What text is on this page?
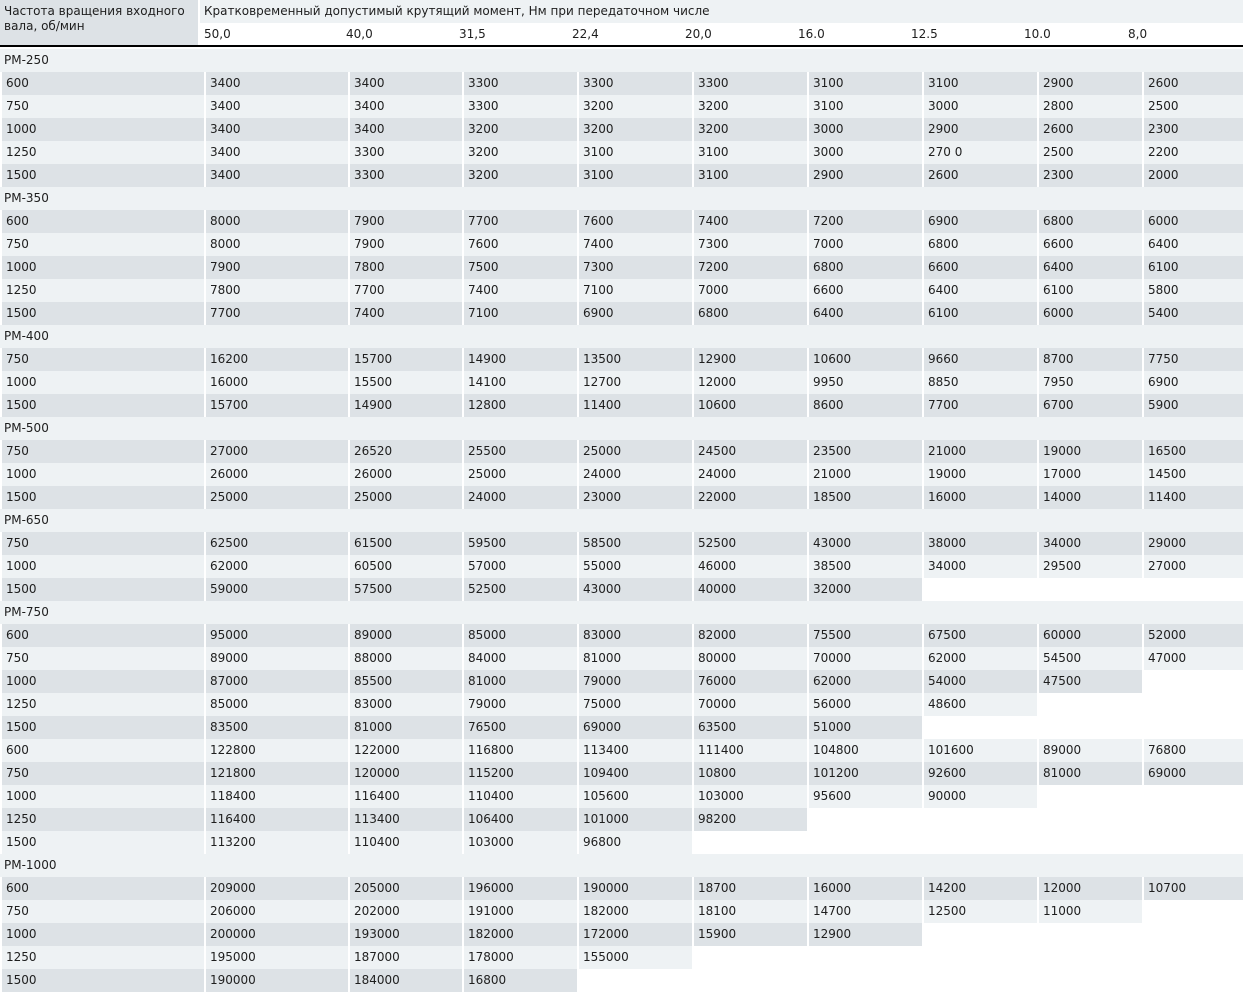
Частота вращения входного вала, об/мин
Кратковременный допустимый крутящий момент, Нм при передаточном числе
50,0	40,0	31,5	22,4	20,0	16.0	12.5	10.0	8,0
РМ-250
600	3400	3400	3300	3300	3300	3100	3100	2900	2600
750	3400	3400	3300	3200	3200	3100	3000	2800	2500
1000	3400	3400	3200	3200	3200	3000	2900	2600	2300
1250	3400	3300	3200	3100	3100	3000	270 0	2500	2200
1500	3400	3300	3200	3100	3100	2900	2600	2300	2000
РМ-350
600	8000	7900	7700	7600	7400	7200	6900	6800	6000
750	8000	7900	7600	7400	7300	7000	6800	6600	6400
1000	7900	7800	7500	7300	7200	6800	6600	6400	6100
1250	7800	7700	7400	7100	7000	6600	6400	6100	5800
1500	7700	7400	7100	6900	6800	6400	6100	6000	5400
РМ-400
750	16200	15700	14900	13500	12900	10600	9660	8700	7750
1000	16000	15500	14100	12700	12000	9950	8850	7950	6900
1500	15700	14900	12800	11400	10600	8600	7700	6700	5900
РМ-500
750	27000	26520	25500	25000	24500	23500	21000	19000	16500
1000	26000	26000	25000	24000	24000	21000	19000	17000	14500
1500	25000	25000	24000	23000	22000	18500	16000	14000	11400
РМ-650
750	62500	61500	59500	58500	52500	43000	38000	34000	29000
1000	62000	60500	57000	55000	46000	38500	34000	29500	27000
1500	59000	57500	52500	43000	40000	32000
РМ-750
600	95000	89000	85000	83000	82000	75500	67500	60000	52000
750	89000	88000	84000	81000	80000	70000	62000	54500	47000
1000	87000	85500	81000	79000	76000	62000	54000	47500
1250	85000	83000	79000	75000	70000	56000	48600
1500	83500	81000	76500	69000	63500	51000
600	122800	122000	116800	113400	111400	104800	101600	89000	76800
750	121800	120000	115200	109400	10800	101200	92600	81000	69000
1000	118400	116400	110400	105600	103000	95600	90000
1250	116400	113400	106400	101000	98200
1500	113200	110400	103000	96800
РМ-1000
600	209000	205000	196000	190000	18700	16000	14200	12000	10700
750	206000	202000	191000	182000	18100	14700	12500	11000
1000	200000	193000	182000	172000	15900	12900
1250	195000	187000	178000	155000
1500	190000	184000	16800
